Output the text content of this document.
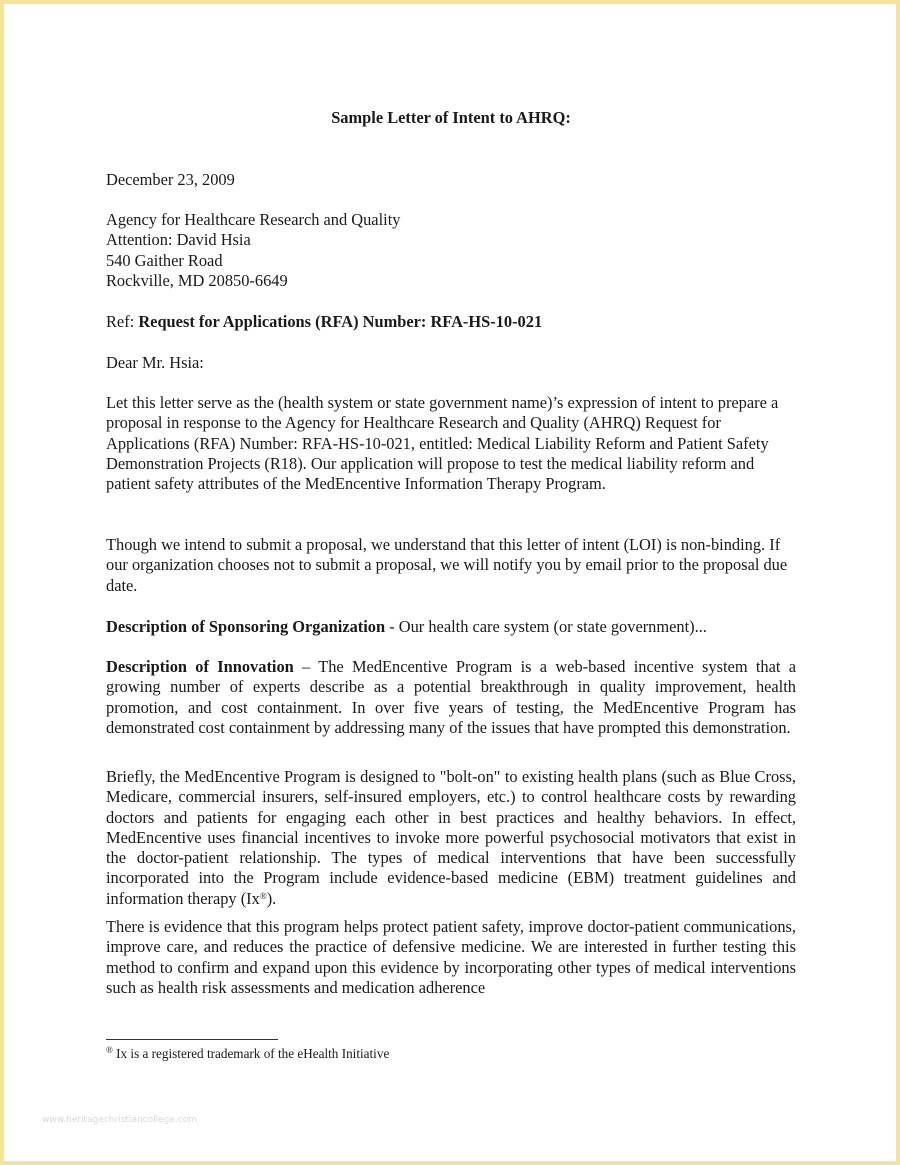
Sample Letter of Intent to AHRQ:
December 23, 2009
Agency for Healthcare Research and Quality
Attention: David Hsia
540 Gaither Road
Rockville, MD 20850-6649
Ref: Request for Applications (RFA) Number: RFA-HS-10-021
Dear Mr. Hsia:
Let this letter serve as the (health system or state government name)’s expression of intent to prepare a proposal in response to the Agency for Healthcare Research and Quality (AHRQ) Request for Applications (RFA) Number: RFA-HS-10-021, entitled: Medical Liability Reform and Patient Safety Demonstration Projects (R18). Our application will propose to test the medical liability reform and patient safety attributes of the MedEncentive Information Therapy Program.
Though we intend to submit a proposal, we understand that this letter of intent (LOI) is non-binding. If our organization chooses not to submit a proposal, we will notify you by email prior to the proposal due date.
Description of Sponsoring Organization - Our health care system (or state government)...
Description of Innovation – The MedEncentive Program is a web-based incentive system that a growing number of experts describe as a potential breakthrough in quality improvement, health promotion, and cost containment. In over five years of testing, the MedEncentive Program has demonstrated cost containment by addressing many of the issues that have prompted this demonstration.
Briefly, the MedEncentive Program is designed to "bolt-on" to existing health plans (such as Blue Cross, Medicare, commercial insurers, self-insured employers, etc.) to control healthcare costs by rewarding doctors and patients for engaging each other in best practices and healthy behaviors. In effect, MedEncentive uses financial incentives to invoke more powerful psychosocial motivators that exist in the doctor-patient relationship. The types of medical interventions that have been successfully incorporated into the Program include evidence-based medicine (EBM) treatment guidelines and information therapy (Ix®).
There is evidence that this program helps protect patient safety, improve doctor-patient communications, improve care, and reduces the practice of defensive medicine. We are interested in further testing this method to confirm and expand upon this evidence by incorporating other types of medical interventions such as health risk assessments and medication adherence
® Ix is a registered trademark of the eHealth Initiative
www.heritagechristiancollege.com
